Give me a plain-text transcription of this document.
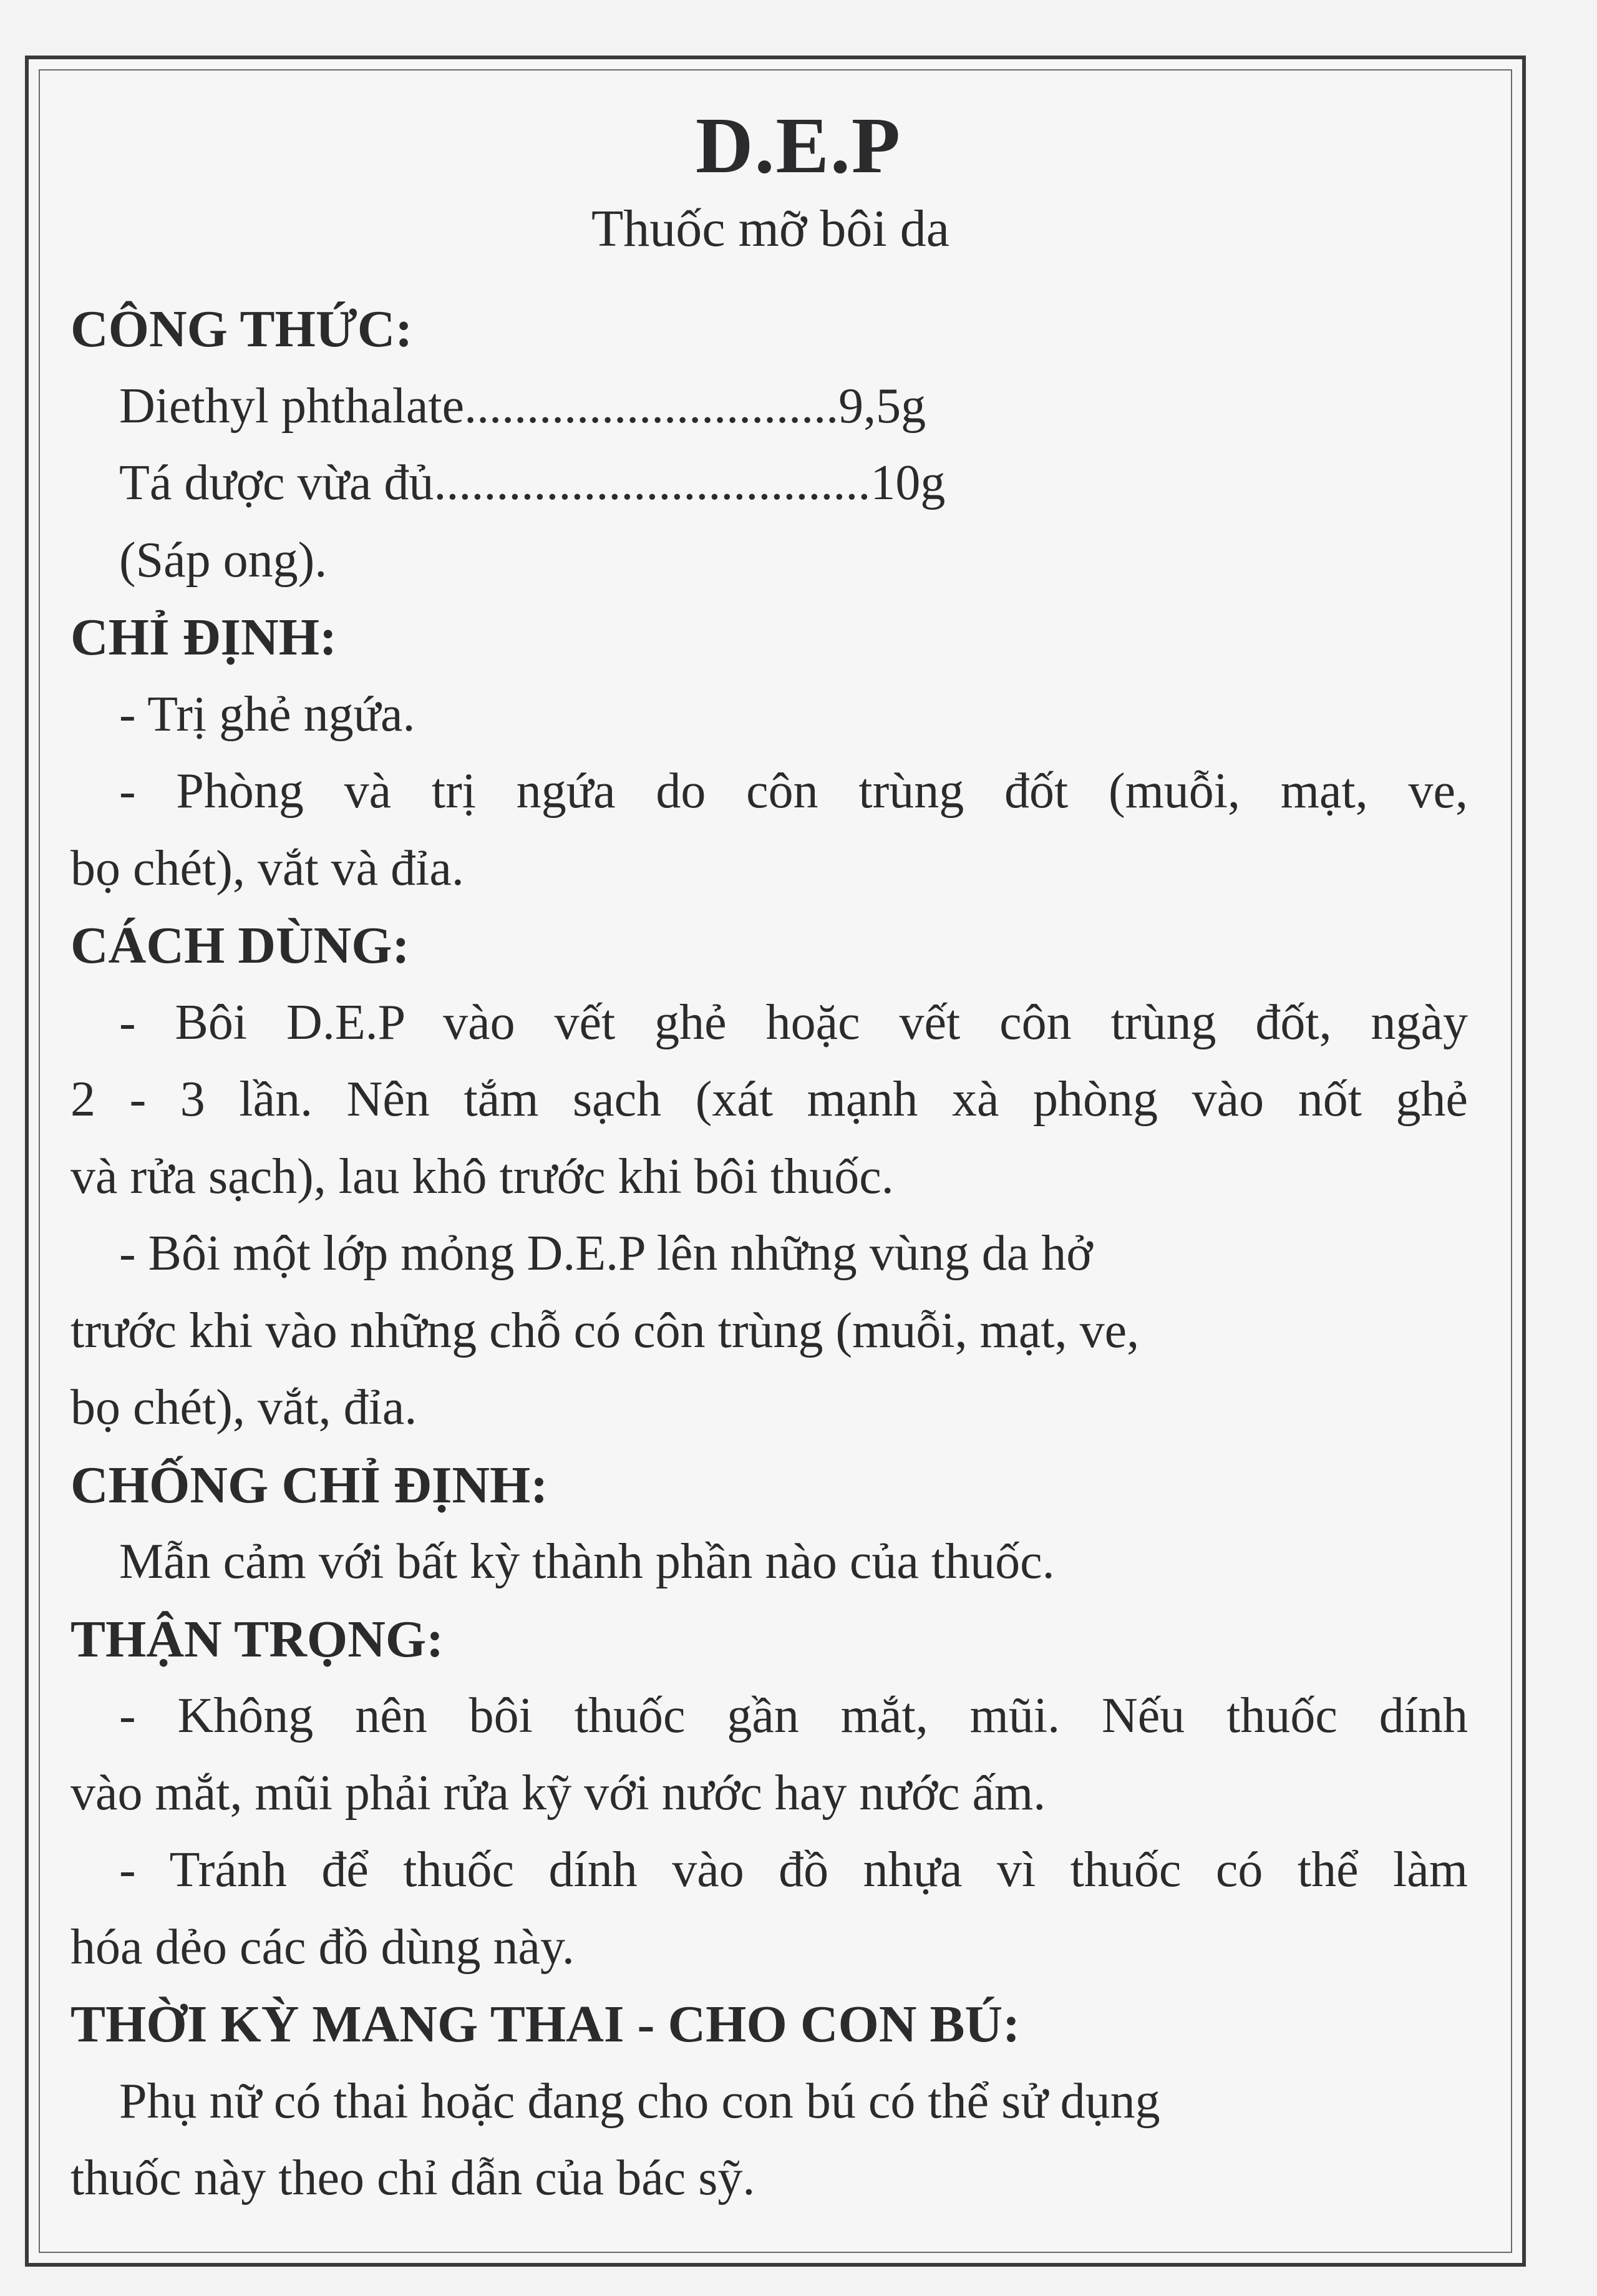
D.E.P
Thuốc mỡ bôi da
CÔNG THỨC:
Diethyl phthalate..............................9,5g
Tá dược vừa đủ...................................10g
(Sáp ong).
CHỈ ĐỊNH:
- Trị ghẻ ngứa.
- Phòng và trị ngứa do côn trùng đốt (muỗi, mạt, ve,
bọ chét), vắt và đỉa.
CÁCH DÙNG:
- Bôi D.E.P vào vết ghẻ hoặc vết côn trùng đốt, ngày
2 - 3 lần. Nên tắm sạch (xát mạnh xà phòng vào nốt ghẻ
và rửa sạch), lau khô trước khi bôi thuốc.
- Bôi một lớp mỏng D.E.P lên những vùng da hở
trước khi vào những chỗ có côn trùng (muỗi, mạt, ve,
bọ chét), vắt, đỉa.
CHỐNG CHỈ ĐỊNH:
Mẫn cảm với bất kỳ thành phần nào của thuốc.
THẬN TRỌNG:
- Không nên bôi thuốc gần mắt, mũi. Nếu thuốc dính
vào mắt, mũi phải rửa kỹ với nước hay nước ấm.
- Tránh để thuốc dính vào đồ nhựa vì thuốc có thể làm
hóa dẻo các đồ dùng này.
THỜI KỲ MANG THAI - CHO CON BÚ:
Phụ nữ có thai hoặc đang cho con bú có thể sử dụng
thuốc này theo chỉ dẫn của bác sỹ.
